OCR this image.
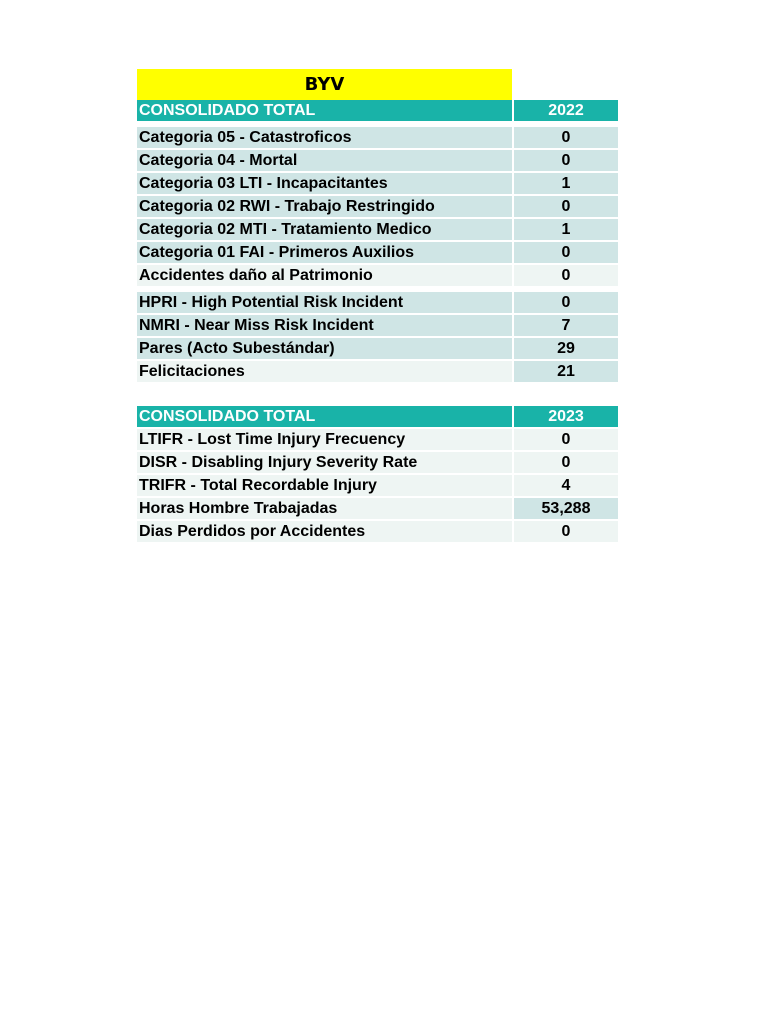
BYV
CONSOLIDADO TOTAL	2022

Categoria 05 - Catastroficos	0
Categoria 04 - Mortal	0
Categoria 03 LTI - Incapacitantes	1
Categoria 02 RWI - Trabajo Restringido	0
Categoria 02 MTI - Tratamiento Medico	1
Categoria 01 FAI - Primeros Auxilios	0
Accidentes daño al Patrimonio	0

HPRI - High Potential Risk Incident	0
NMRI - Near Miss Risk Incident	7
Pares (Acto Subestándar)	29
Felicitaciones	21
CONSOLIDADO TOTAL	2023
LTIFR - Lost Time Injury Frecuency	0
DISR - Disabling Injury Severity Rate	0
TRIFR - Total Recordable Injury	4
Horas Hombre Trabajadas	53,288
Dias Perdidos por Accidentes	0
